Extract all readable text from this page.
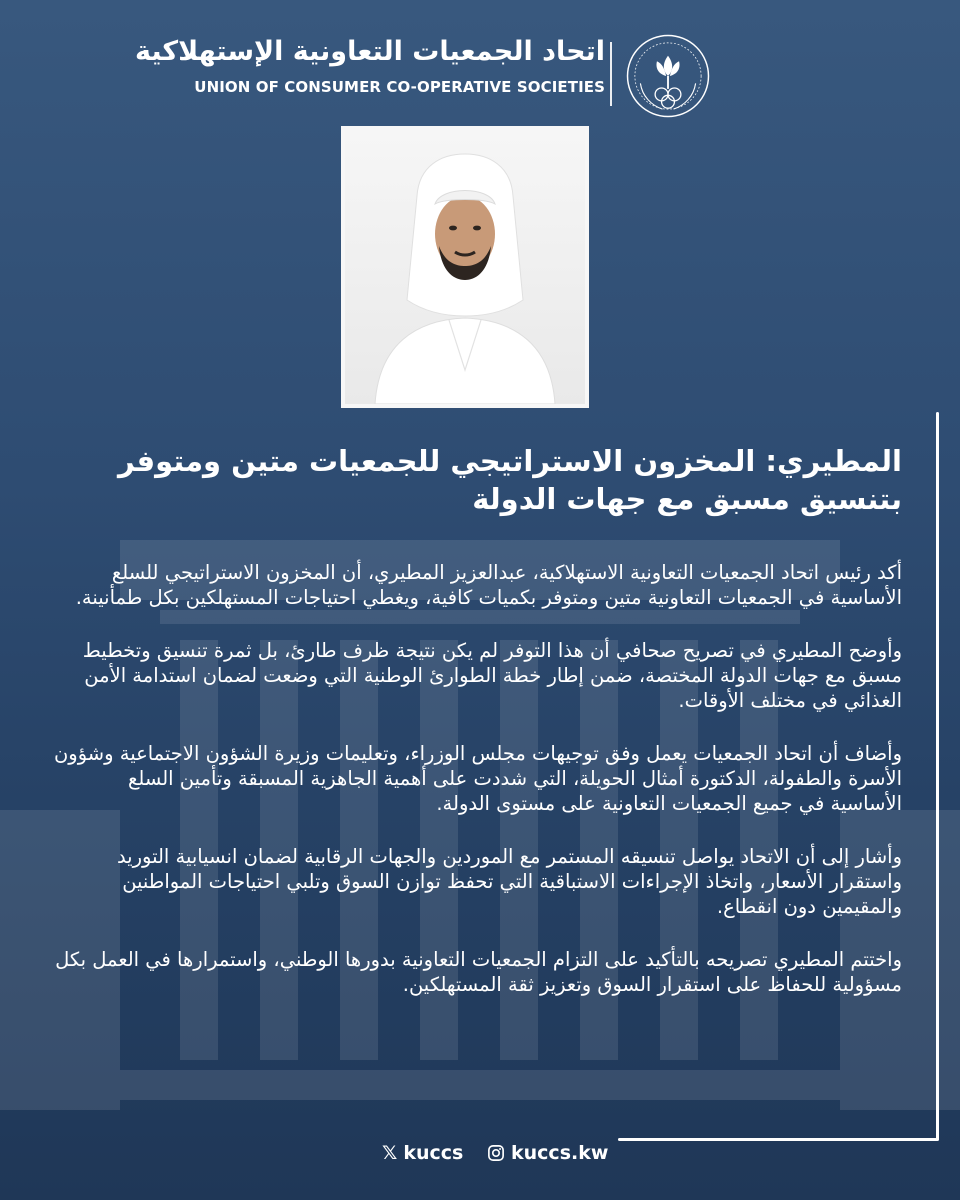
اتحاد الجمعيات التعاونية الإستهلاكية
UNION OF CONSUMER CO-OPERATIVE SOCIETIES
المطيري: المخزون الاستراتيجي للجمعيات متين ومتوفر بتنسيق مسبق مع جهات الدولة

أكد رئيس اتحاد الجمعيات التعاونية الاستهلاكية، عبدالعزيز المطيري، أن المخزون الاستراتيجي للسلع الأساسية في الجمعيات التعاونية متين ومتوفر بكميات كافية، ويغطي احتياجات المستهلكين بكل طمأنينة.

وأوضح المطيري في تصريح صحافي أن هذا التوفر لم يكن نتيجة ظرف طارئ، بل ثمرة تنسيق وتخطيط مسبق مع جهات الدولة المختصة، ضمن إطار خطة الطوارئ الوطنية التي وضعت لضمان استدامة الأمن الغذائي في مختلف الأوقات.

وأضاف أن اتحاد الجمعيات يعمل وفق توجيهات مجلس الوزراء، وتعليمات وزيرة الشؤون الاجتماعية وشؤون الأسرة والطفولة، الدكتورة أمثال الحويلة، التي شددت على أهمية الجاهزية المسبقة وتأمين السلع الأساسية في جميع الجمعيات التعاونية على مستوى الدولة.

وأشار إلى أن الاتحاد يواصل تنسيقه المستمر مع الموردين والجهات الرقابية لضمان انسيابية التوريد واستقرار الأسعار، واتخاذ الإجراءات الاستباقية التي تحفظ توازن السوق وتلبي احتياجات المواطنين والمقيمين دون انقطاع.

واختتم المطيري تصريحه بالتأكيد على التزام الجمعيات التعاونية بدورها الوطني، واستمرارها في العمل بكل مسؤولية للحفاظ على استقرار السوق وتعزيز ثقة المستهلكين.

𝕏 kuccs	kuccs.kw
